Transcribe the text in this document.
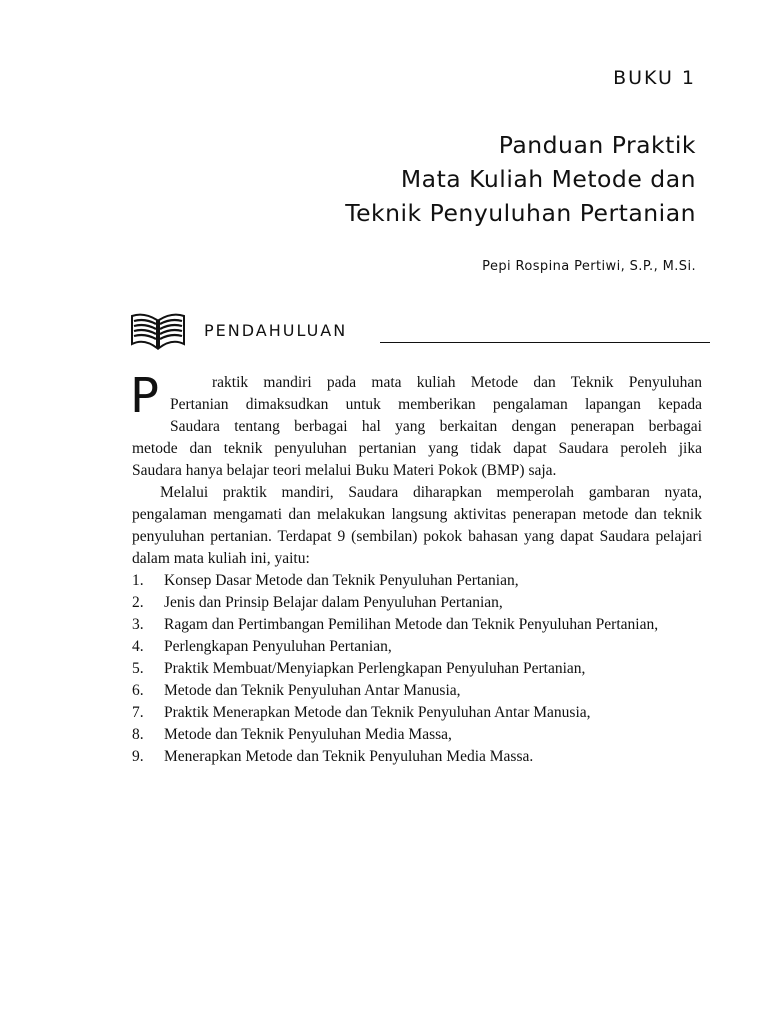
BUKU 1
Panduan Praktik
Mata Kuliah Metode dan
Teknik Penyuluhan Pertanian
Pepi Rospina Pertiwi, S.P., M.Si.
PENDAHULUAN
P	raktik mandiri pada mata kuliah Metode dan Teknik Penyuluhan

Pertanian dimaksudkan untuk memberikan pengalaman lapangan kepada

Saudara tentang berbagai hal yang berkaitan dengan penerapan berbagai

metode dan teknik penyuluhan pertanian yang tidak dapat Saudara peroleh jika

Saudara hanya belajar teori melalui Buku Materi Pokok (BMP) saja.

Melalui praktik mandiri, Saudara diharapkan memperolah gambaran nyata, pengalaman mengamati dan melakukan langsung aktivitas penerapan metode dan teknik penyuluhan pertanian. Terdapat 9 (sembilan) pokok bahasan yang dapat Saudara pelajari dalam mata kuliah ini, yaitu:

1. Konsep Dasar Metode dan Teknik Penyuluhan Pertanian,
2. Jenis dan Prinsip Belajar dalam Penyuluhan Pertanian,
3. Ragam dan Pertimbangan Pemilihan Metode dan Teknik Penyuluhan Pertanian,
4. Perlengkapan Penyuluhan Pertanian,
5. Praktik Membuat/Menyiapkan Perlengkapan Penyuluhan Pertanian,
6. Metode dan Teknik Penyuluhan Antar Manusia,
7. Praktik Menerapkan Metode dan Teknik Penyuluhan Antar Manusia,
8. Metode dan Teknik Penyuluhan Media Massa,
9. Menerapkan Metode dan Teknik Penyuluhan Media Massa.
